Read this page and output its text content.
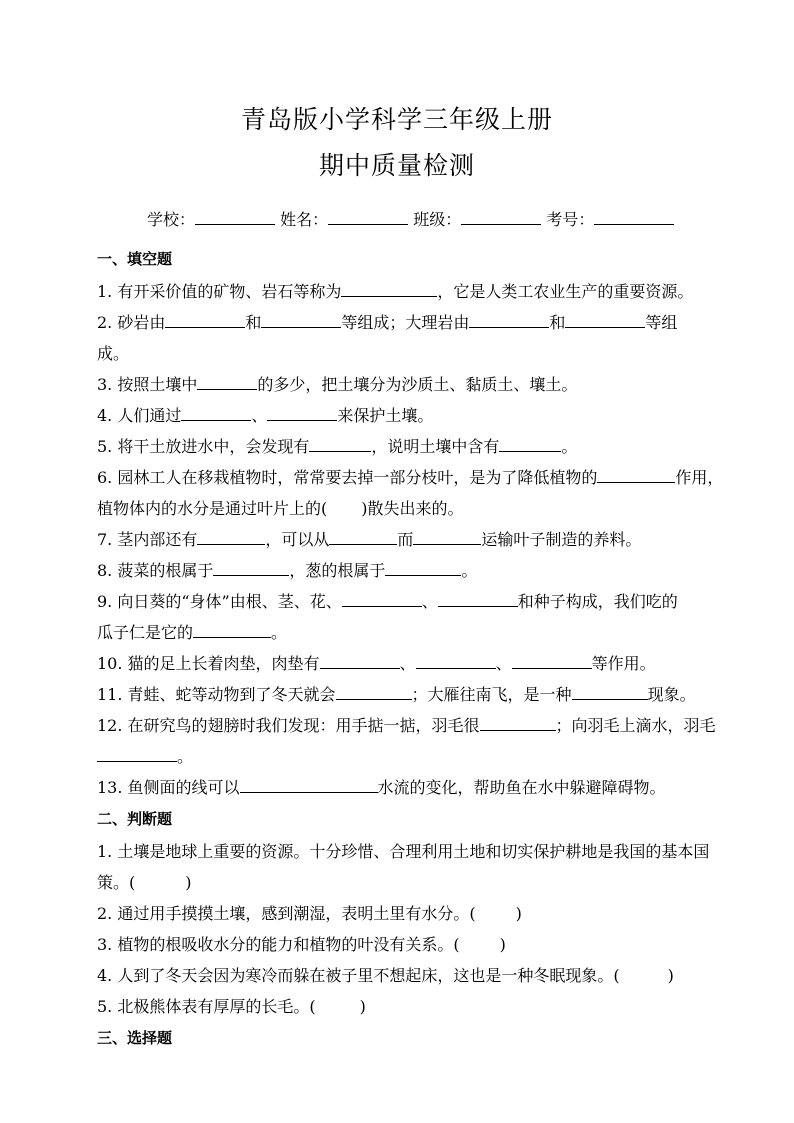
青岛版小学科学三年级上册
期中质量检测
学校：	姓名：	班级：	考号：
一、填空题
1. 有开采价值的矿物、岩石等称为	，它是人类工农业生产的重要资源。
2. 砂岩由	和	等组成；大理岩由	和	等组
成。
3. 按照土壤中	的多少，把土壤分为沙质土、黏质土、壤土。
4. 人们通过	、	来保护土壤。
5. 将干土放进水中，会发现有	，说明土壤中含有	。
6. 园林工人在移栽植物时，常常要去掉一部分枝叶，是为了降低植物的	作用，
植物体内的水分是通过叶片上的( )散失出来的。
7. 茎内部还有	，可以从	而	运输叶子制造的养料。
8. 菠菜的根属于	，葱的根属于	。
9. 向日葵的“身体”由根、茎、花、	、	和种子构成，我们吃的
瓜子仁是它的	。
10. 猫的足上长着肉垫，肉垫有	、	、	等作用。
11. 青蛙、蛇等动物到了冬天就会	；大雁往南飞，是一种	现象。
12. 在研究鸟的翅膀时我们发现：用手掂一掂，羽毛很	；向羽毛上滴水，羽毛
。
13. 鱼侧面的线可以	水流的变化，帮助鱼在水中躲避障碍物。
二、判断题
1. 土壤是地球上重要的资源。十分珍惜、合理利用土地和切实保护耕地是我国的基本国
策。(	)
2. 通过用手摸摸土壤，感到潮湿，表明土里有水分。(	)
3. 植物的根吸收水分的能力和植物的叶没有关系。(	)
4. 人到了冬天会因为寒冷而躲在被子里不想起床，这也是一种冬眠现象。(	)
5. 北极熊体表有厚厚的长毛。(	)
三、选择题
